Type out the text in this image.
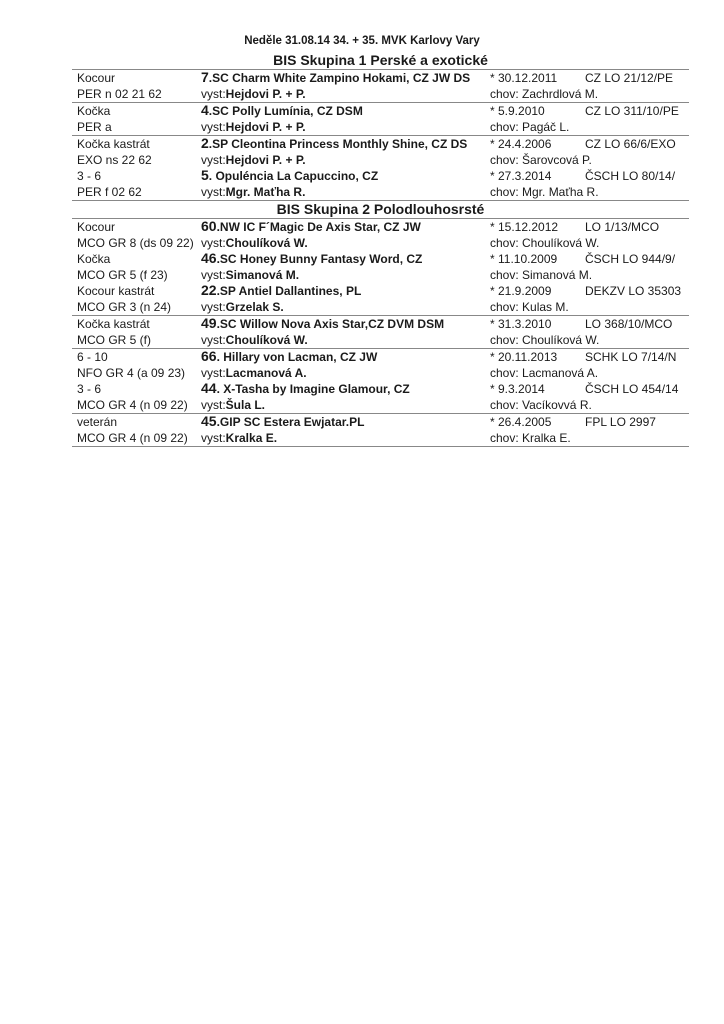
Neděle 31.08.14 34. + 35. MVK Karlovy Vary
BIS Skupina 1 Perské a exotické
Kocour	7.SC Charm White Zampino Hokami, CZ JW DS	* 30.12.2011	CZ LO 21/12/PE
PER n 02 21 62	vyst:Hejdovi P. + P.	chov: Zachrdlová M.	
Kočka	4.SC Polly Lumínia, CZ DSM	* 5.9.2010	CZ LO 311/10/PE
PER a	vyst:Hejdovi P. + P.	chov: Pagáč L.	
Kočka kastrát	2.SP Cleontina Princess Monthly Shine, CZ DS	* 24.4.2006	CZ LO 66/6/EXO
EXO ns 22 62	vyst:Hejdovi P. + P.	chov: Šarovcová P.	
3 - 6	5. Opuléncia La Capuccino, CZ	* 27.3.2014	ČSCH LO 80/14/
PER f 02 62	vyst:Mgr. Maťha R.	chov: Mgr. Maťha R.	
BIS Skupina 2 Polodlouhosrsté
Kocour	60.NW IC F´Magic De Axis Star, CZ JW	* 15.12.2012	LO 1/13/MCO
MCO GR 8 (ds 09 22)	vyst:Choulíková W.	chov: Choulíková W.	
Kočka	46.SC Honey Bunny Fantasy Word, CZ	* 11.10.2009	ČSCH LO 944/9/
MCO GR 5 (f 23)	vyst:Simanová M.	chov: Simanová M.	
Kocour kastrát	22.SP Antiel Dallantines, PL	* 21.9.2009	DEKZV LO 35303
MCO GR 3 (n 24)	vyst:Grzelak S.	chov: Kulas M.	
Kočka kastrát	49.SC Willow Nova Axis Star,CZ DVM DSM	* 31.3.2010	LO 368/10/MCO
MCO GR 5 (f)	vyst:Choulíková W.	chov: Choulíková W.	
6 - 10	66. Hillary von Lacman, CZ JW	* 20.11.2013	SCHK LO 7/14/N
NFO GR 4 (a 09 23)	vyst:Lacmanová A.	chov: Lacmanová A.	
3 - 6	44. X-Tasha by Imagine Glamour, CZ	* 9.3.2014	ČSCH LO 454/14
MCO GR 4 (n 09 22)	vyst:Šula L.	chov: Vacíkovvá R.	
veterán	45.GIP SC Estera Ewjatar.PL	* 26.4.2005	FPL LO 2997
MCO GR 4 (n 09 22)	vyst:Kralka E.	chov: Kralka E.	
